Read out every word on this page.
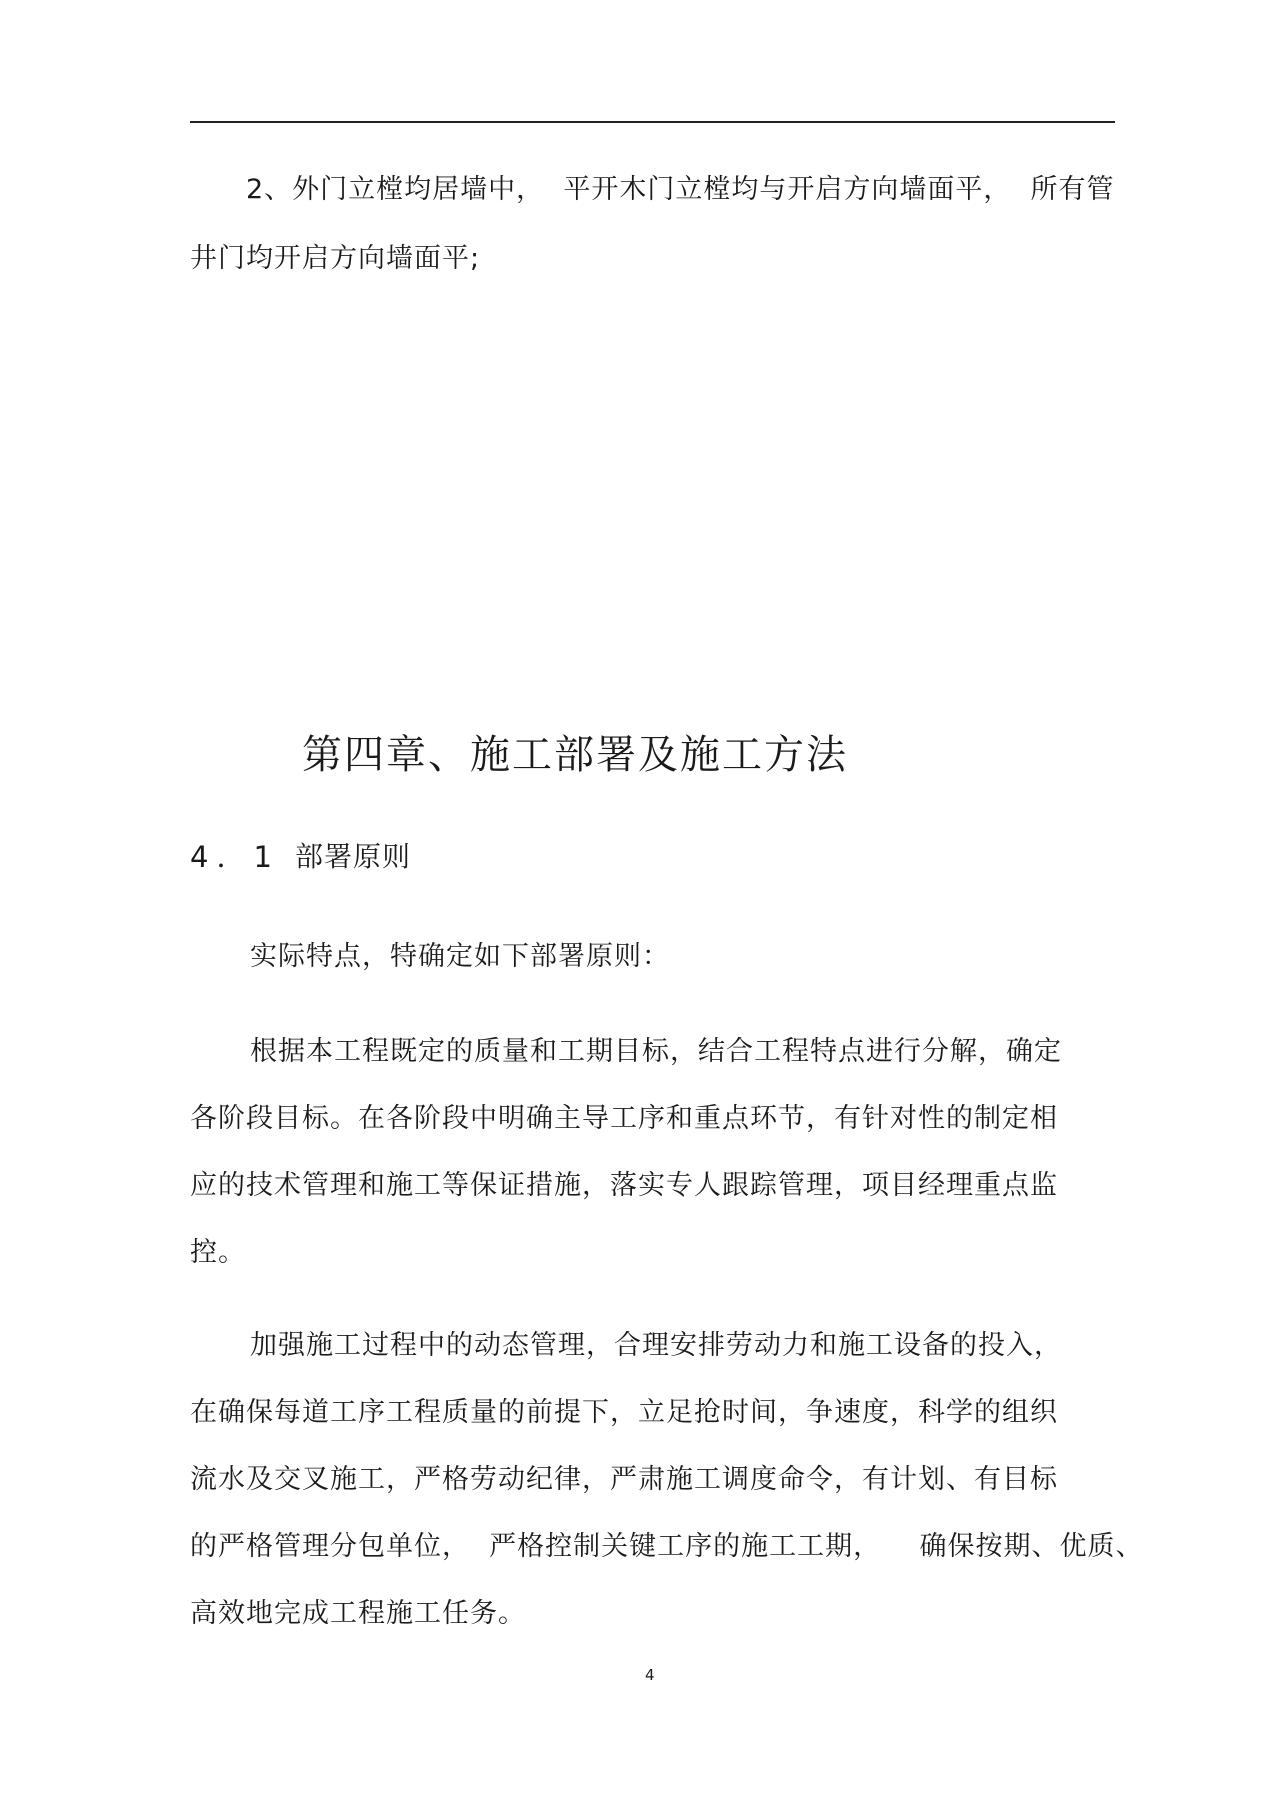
2、外门立樘均居墙中，  平开木门立樘均与开启方向墙面平，  所有管
井门均开启方向墙面平;
第四章、施工部署及施工方法
4．1 部署原则
实际特点，特确定如下部署原则：
根据本工程既定的质量和工期目标，结合工程特点进行分解，确定
各阶段目标。在各阶段中明确主导工序和重点环节，有针对性的制定相
应的技术管理和施工等保证措施，落实专人跟踪管理，项目经理重点监
控。
加强施工过程中的动态管理，合理安排劳动力和施工设备的投入，
在确保每道工序工程质量的前提下，立足抢时间，争速度，科学的组织
流水及交叉施工，严格劳动纪律，严肃施工调度命令，有计划、有目标
的严格管理分包单位，  严格控制关键工序的施工工期，    确保按期、优质、
高效地完成工程施工任务。
4
